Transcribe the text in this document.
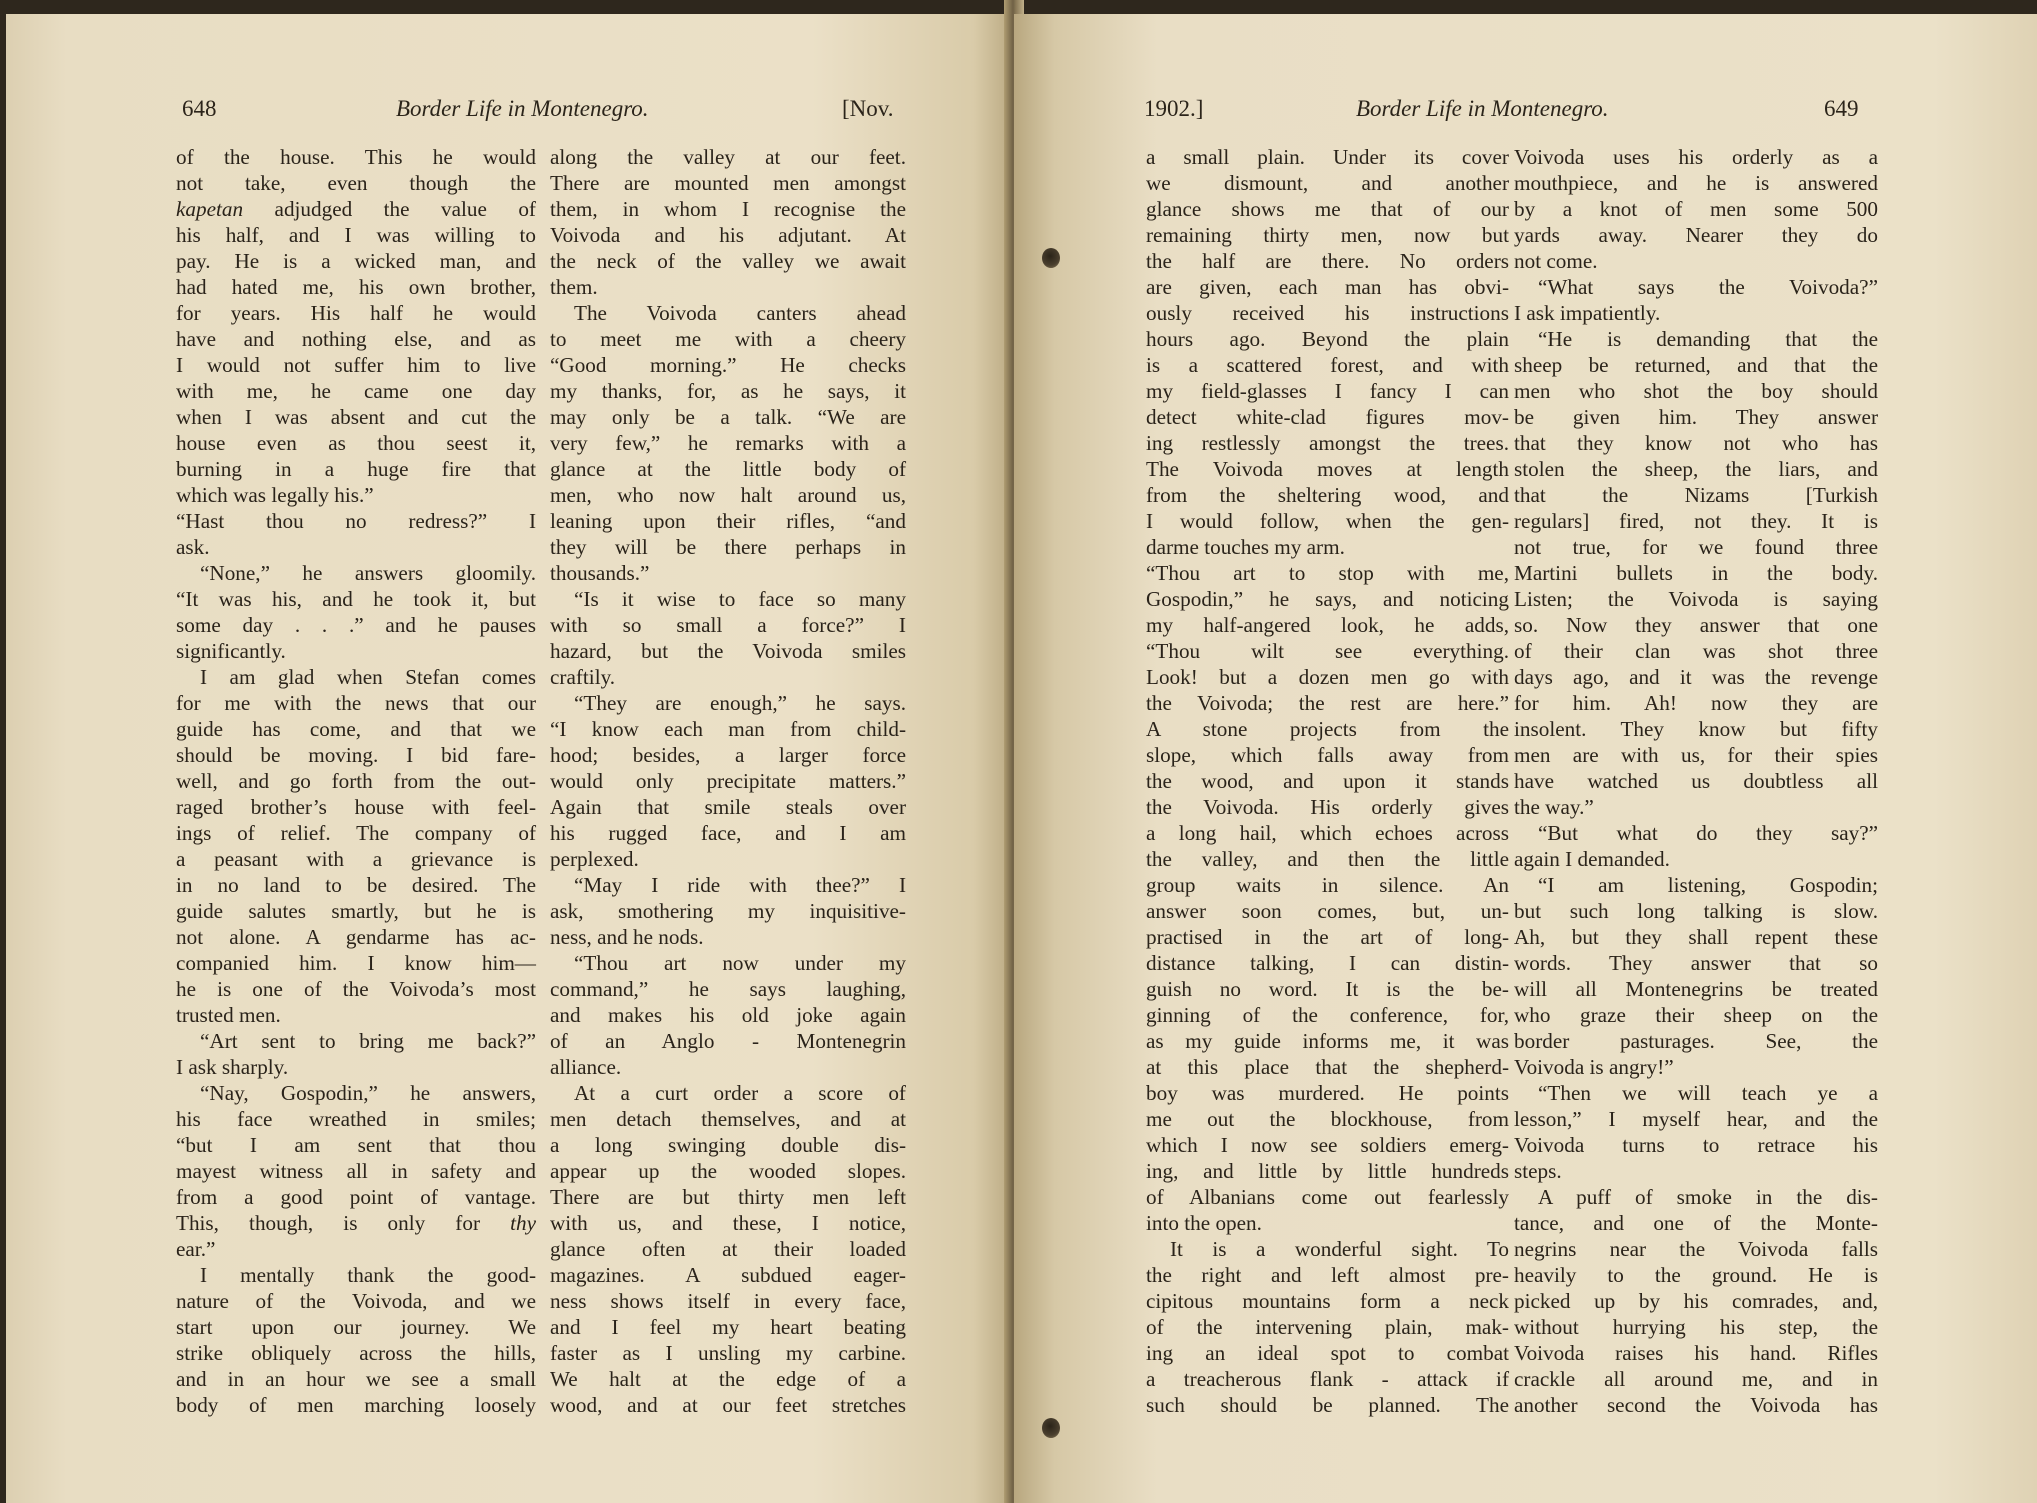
648	Border Life in Montenegro.	[Nov.
of the house. This he would
not take, even though the
kapetan adjudged the value of
his half, and I was willing to
pay. He is a wicked man, and
had hated me, his own brother,
for years. His half he would
have and nothing else, and as
I would not suffer him to live
with me, he came one day
when I was absent and cut the
house even as thou seest it,
burning in a huge fire that
which was legally his.”
“Hast thou no redress?” I
ask.
“None,” he answers gloomily.
“It was his, and he took it, but
some day . . .” and he pauses
significantly.
I am glad when Stefan comes
for me with the news that our
guide has come, and that we
should be moving. I bid fare-
well, and go forth from the out-
raged brother’s house with feel-
ings of relief. The company of
a peasant with a grievance is
in no land to be desired. The
guide salutes smartly, but he is
not alone. A gendarme has ac-
companied him. I know him—
he is one of the Voivoda’s most
trusted men.
“Art sent to bring me back?”
I ask sharply.
“Nay, Gospodin,” he answers,
his face wreathed in smiles;
“but I am sent that thou
mayest witness all in safety and
from a good point of vantage.
This, though, is only for thy
ear.”
I mentally thank the good-
nature of the Voivoda, and we
start upon our journey. We
strike obliquely across the hills,
and in an hour we see a small
body of men marching loosely
along the valley at our feet.
There are mounted men amongst
them, in whom I recognise the
Voivoda and his adjutant. At
the neck of the valley we await
them.
The Voivoda canters ahead
to meet me with a cheery
“Good morning.” He checks
my thanks, for, as he says, it
may only be a talk. “We are
very few,” he remarks with a
glance at the little body of
men, who now halt around us,
leaning upon their rifles, “and
they will be there perhaps in
thousands.”
“Is it wise to face so many
with so small a force?” I
hazard, but the Voivoda smiles
craftily.
“They are enough,” he says.
“I know each man from child-
hood; besides, a larger force
would only precipitate matters.”
Again that smile steals over
his rugged face, and I am
perplexed.
“May I ride with thee?” I
ask, smothering my inquisitive-
ness, and he nods.
“Thou art now under my
command,” he says laughing,
and makes his old joke again
of an Anglo - Montenegrin
alliance.
At a curt order a score of
men detach themselves, and at
a long swinging double dis-
appear up the wooded slopes.
There are but thirty men left
with us, and these, I notice,
glance often at their loaded
magazines. A subdued eager-
ness shows itself in every face,
and I feel my heart beating
faster as I unsling my carbine.
We halt at the edge of a
wood, and at our feet stretches
1902.]	Border Life in Montenegro.	649
a small plain. Under its cover
we dismount, and another
glance shows me that of our
remaining thirty men, now but
the half are there. No orders
are given, each man has obvi-
ously received his instructions
hours ago. Beyond the plain
is a scattered forest, and with
my field-glasses I fancy I can
detect white-clad figures mov-
ing restlessly amongst the trees.
The Voivoda moves at length
from the sheltering wood, and
I would follow, when the gen-
darme touches my arm.
“Thou art to stop with me,
Gospodin,” he says, and noticing
my half-angered look, he adds,
“Thou wilt see everything.
Look! but a dozen men go with
the Voivoda; the rest are here.”
A stone projects from the
slope, which falls away from
the wood, and upon it stands
the Voivoda. His orderly gives
a long hail, which echoes across
the valley, and then the little
group waits in silence. An
answer soon comes, but, un-
practised in the art of long-
distance talking, I can distin-
guish no word. It is the be-
ginning of the conference, for,
as my guide informs me, it was
at this place that the shepherd-
boy was murdered. He points
me out the blockhouse, from
which I now see soldiers emerg-
ing, and little by little hundreds
of Albanians come out fearlessly
into the open.
It is a wonderful sight. To
the right and left almost pre-
cipitous mountains form a neck
of the intervening plain, mak-
ing an ideal spot to combat
a treacherous flank - attack if
such should be planned. The
Voivoda uses his orderly as a
mouthpiece, and he is answered
by a knot of men some 500
yards away. Nearer they do
not come.
“What says the Voivoda?”
I ask impatiently.
“He is demanding that the
sheep be returned, and that the
men who shot the boy should
be given him. They answer
that they know not who has
stolen the sheep, the liars, and
that the Nizams [Turkish
regulars] fired, not they. It is
not true, for we found three
Martini bullets in the body.
Listen; the Voivoda is saying
so. Now they answer that one
of their clan was shot three
days ago, and it was the revenge
for him. Ah! now they are
insolent. They know but fifty
men are with us, for their spies
have watched us doubtless all
the way.”
“But what do they say?”
again I demanded.
“I am listening, Gospodin;
but such long talking is slow.
Ah, but they shall repent these
words. They answer that so
will all Montenegrins be treated
who graze their sheep on the
border pasturages. See, the
Voivoda is angry!”
“Then we will teach ye a
lesson,” I myself hear, and the
Voivoda turns to retrace his
steps.
A puff of smoke in the dis-
tance, and one of the Monte-
negrins near the Voivoda falls
heavily to the ground. He is
picked up by his comrades, and,
without hurrying his step, the
Voivoda raises his hand. Rifles
crackle all around me, and in
another second the Voivoda has
